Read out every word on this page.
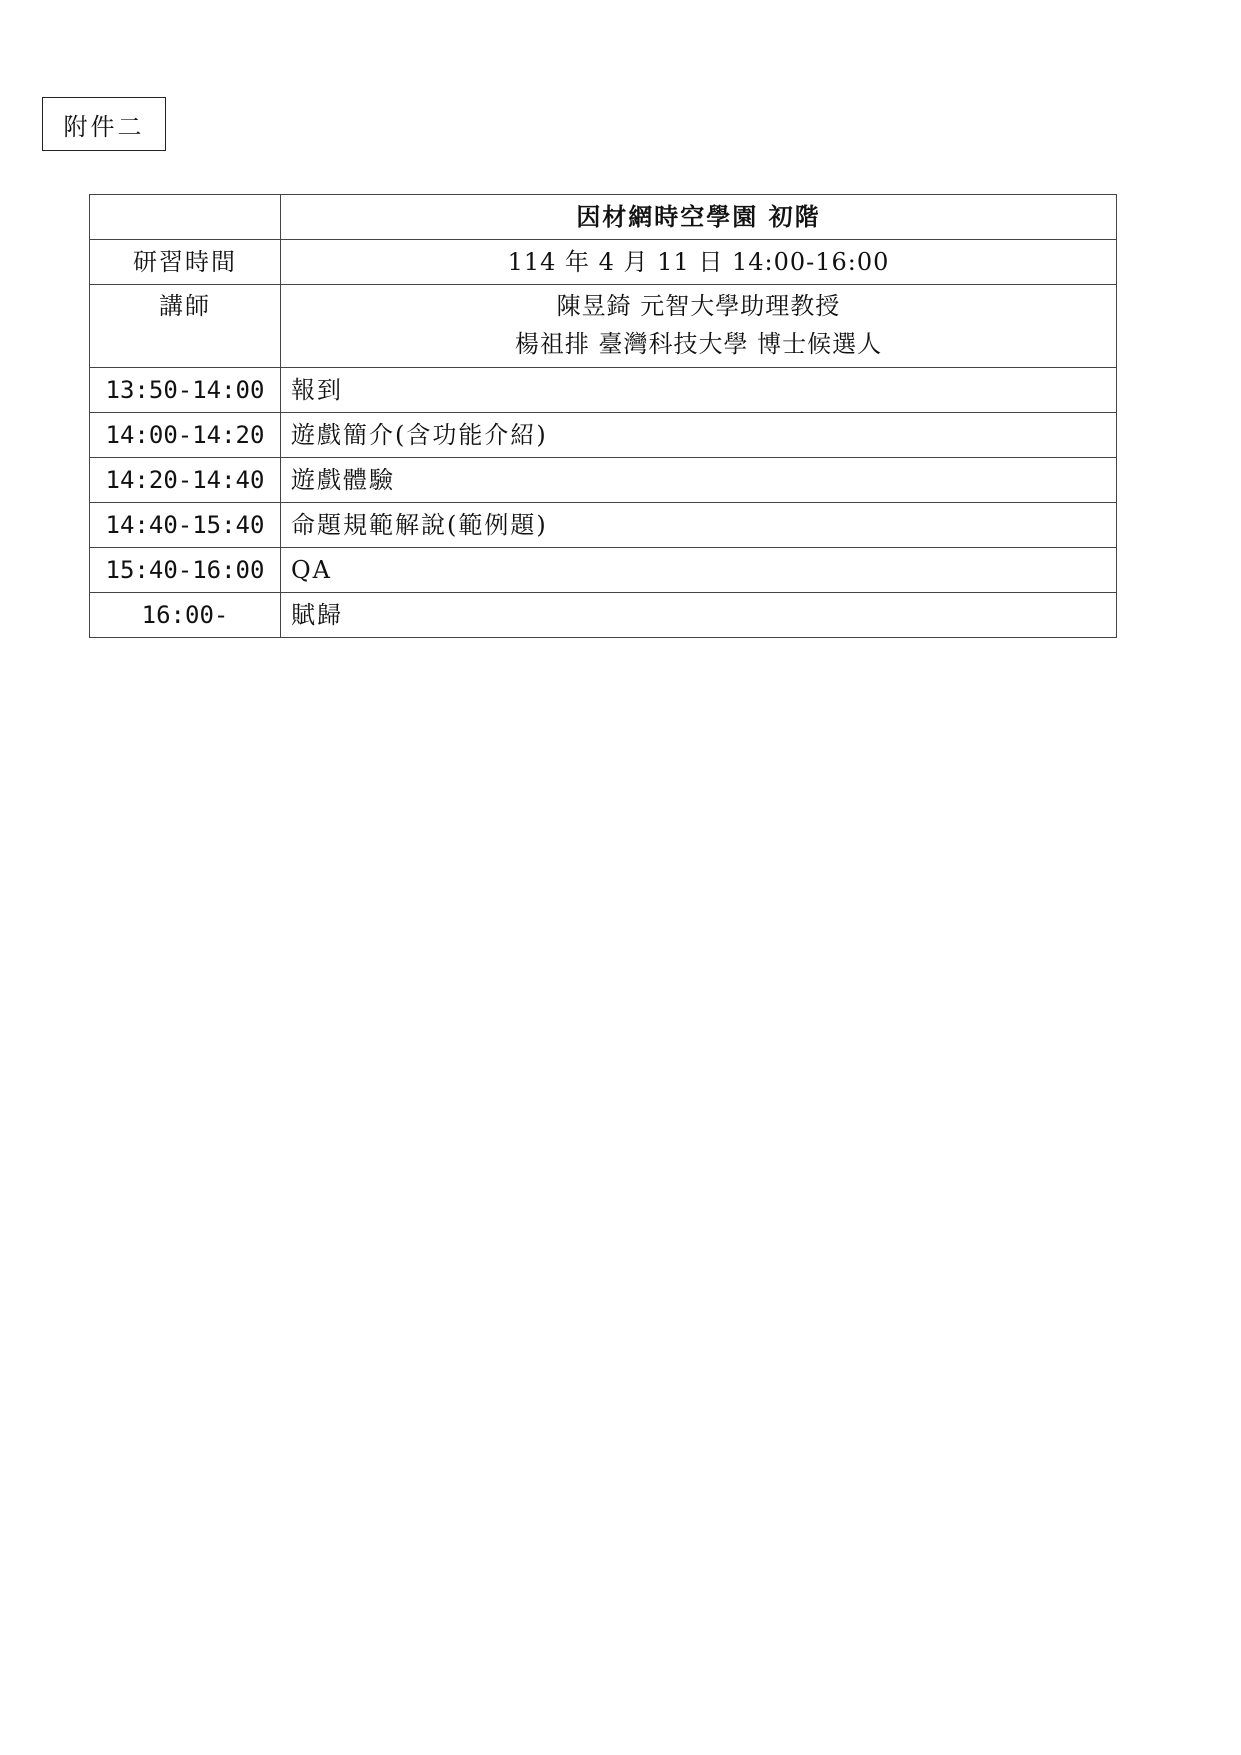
附件二
	因材網時空學園 初階
研習時間	114 年 4 月 11 日 14:00-16:00
講師	陳昱錡 元智大學助理教授
楊祖排 臺灣科技大學 博士候選人

13:50-14:00	報到
14:00-14:20	遊戲簡介(含功能介紹)
14:20-14:40	遊戲體驗
14:40-15:40	命題規範解說(範例題)
15:40-16:00	QA
16:00-	賦歸
